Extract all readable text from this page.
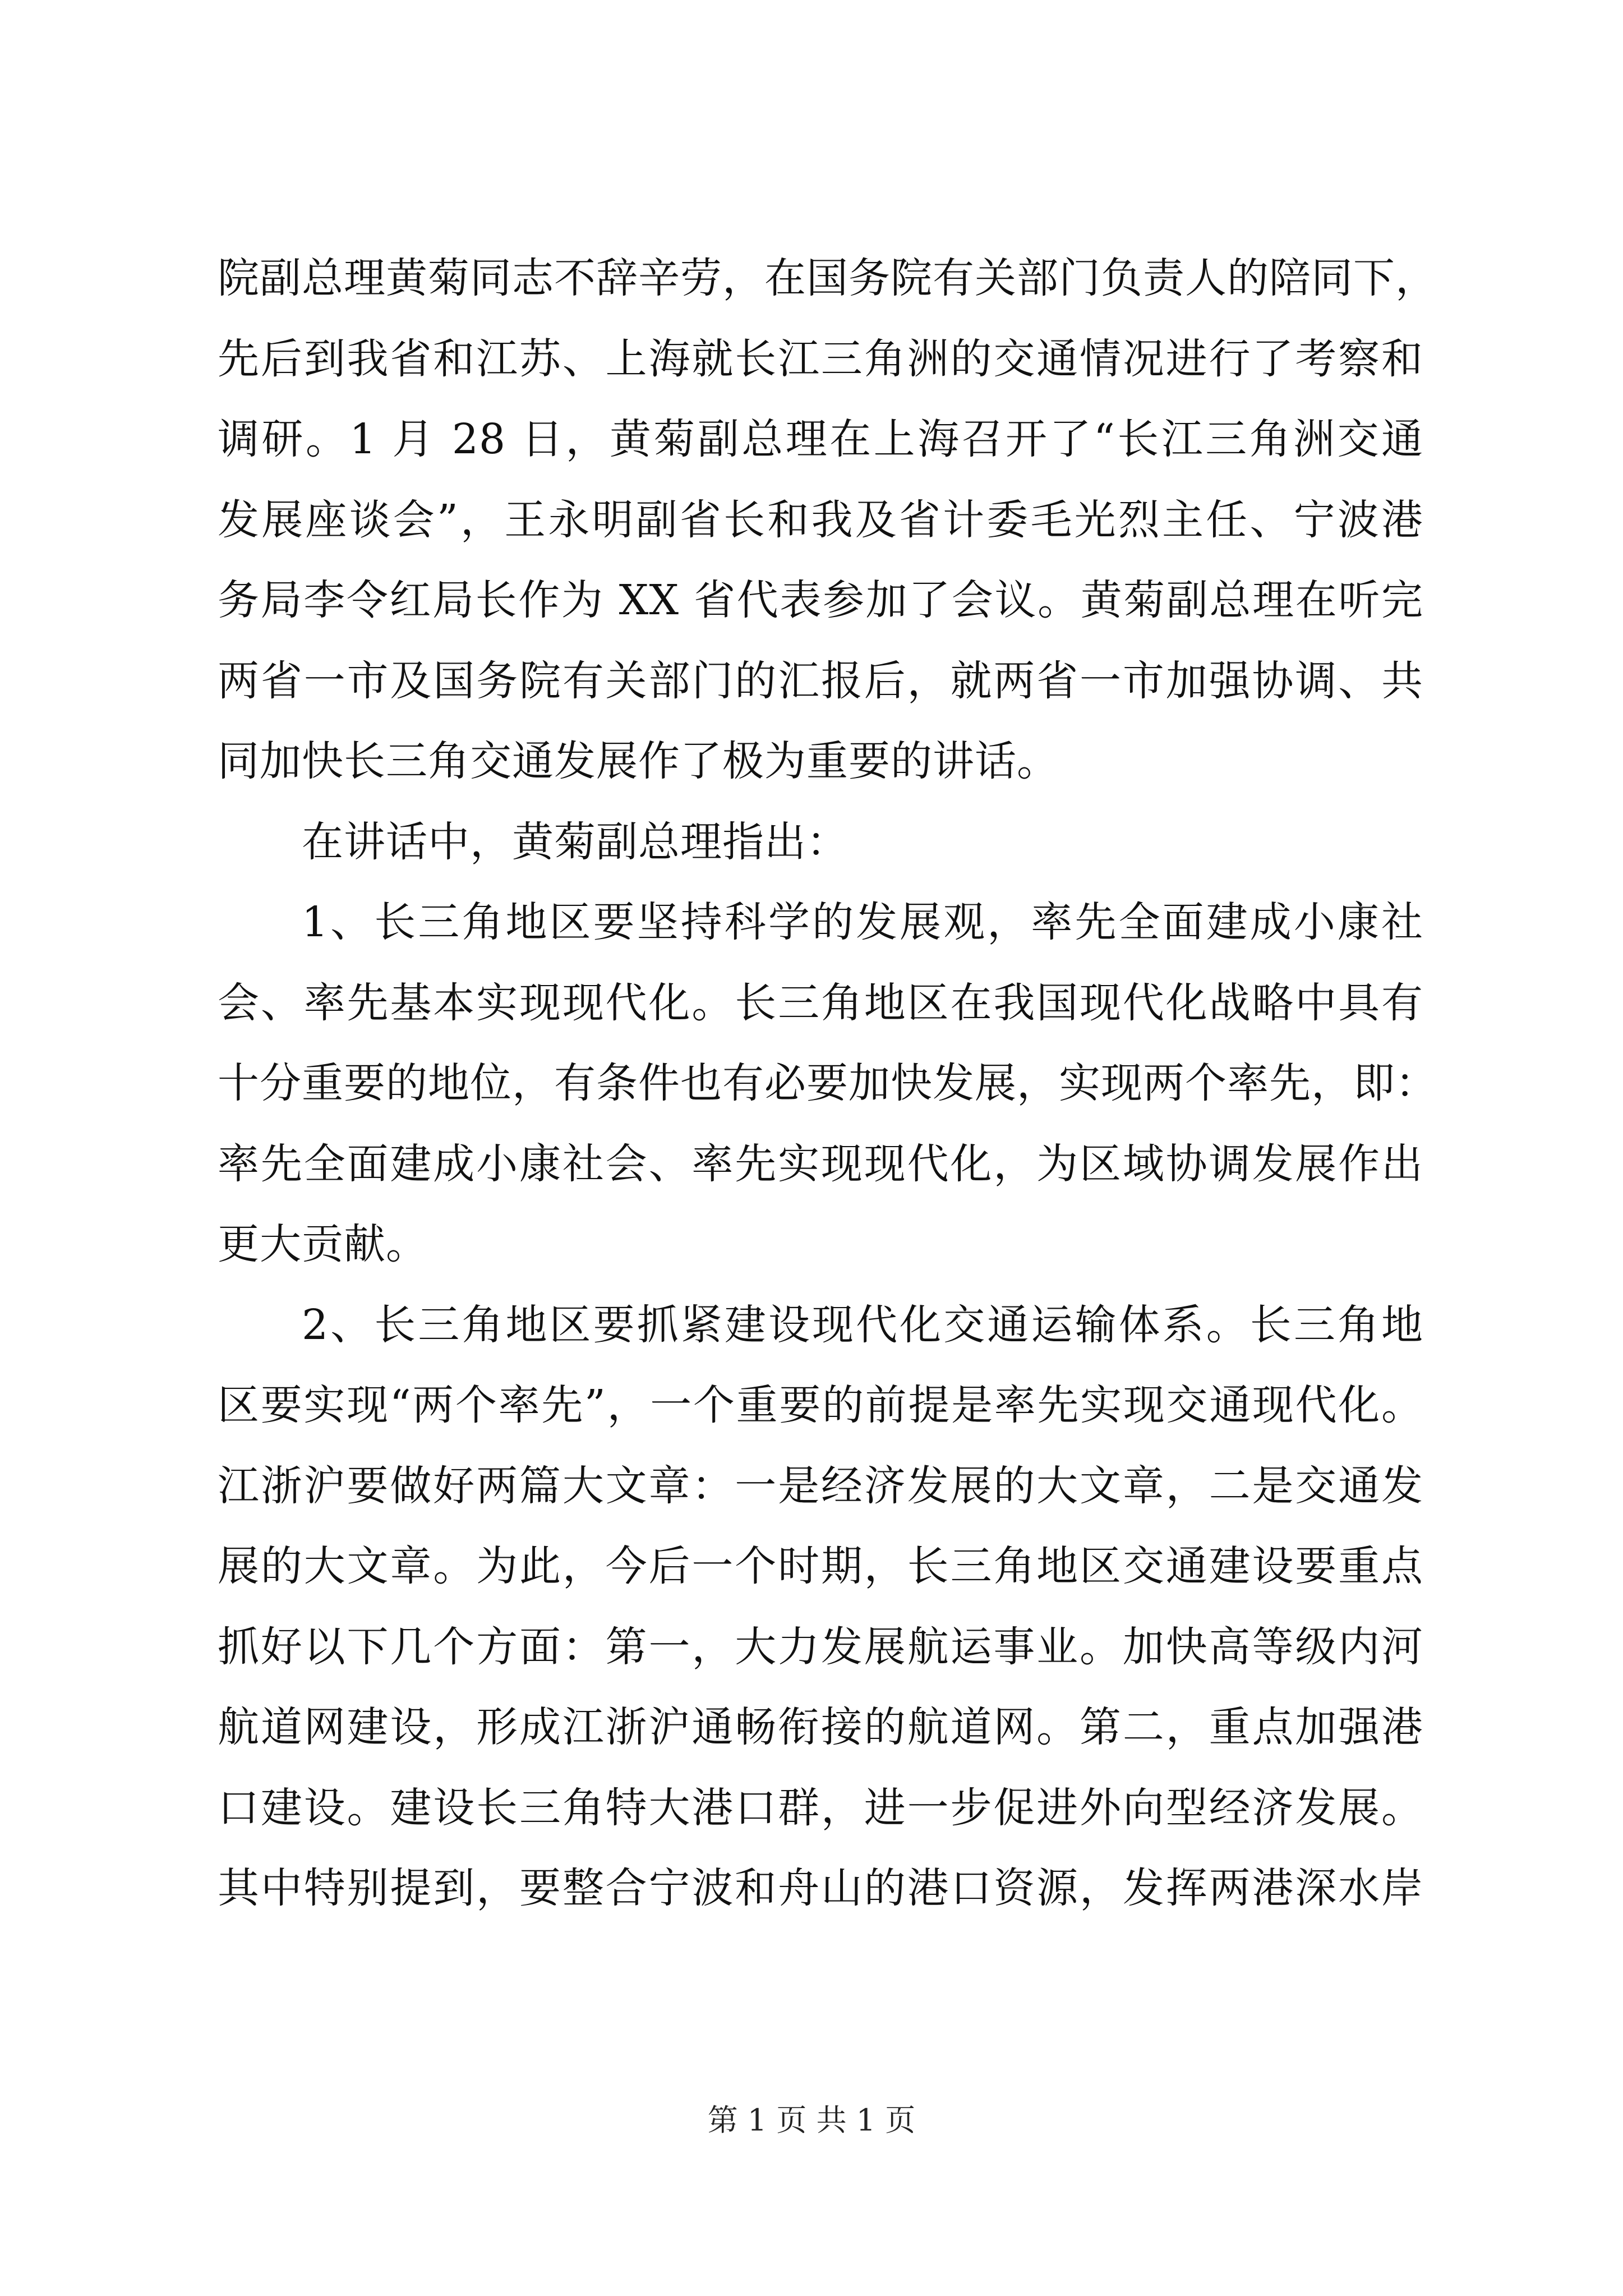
院副总理黄菊同志不辞辛劳，在国务院有关部门负责人的陪同下，
先后到我省和江苏、上海就长江三角洲的交通情况进行了考察和
调研。1 月 28 日，黄菊副总理在上海召开了“长江三角洲交通
发展座谈会”，王永明副省长和我及省计委毛光烈主任、宁波港
务局李令红局长作为 XX 省代表参加了会议。黄菊副总理在听完
两省一市及国务院有关部门的汇报后，就两省一市加强协调、共
同加快长三角交通发展作了极为重要的讲话。
在讲话中，黄菊副总理指出：
1、长三角地区要坚持科学的发展观，率先全面建成小康社
会、率先基本实现现代化。长三角地区在我国现代化战略中具有
十分重要的地位，有条件也有必要加快发展，实现两个率先，即：
率先全面建成小康社会、率先实现现代化，为区域协调发展作出
更大贡献。
2、长三角地区要抓紧建设现代化交通运输体系。长三角地
区要实现“两个率先”，一个重要的前提是率先实现交通现代化。
江浙沪要做好两篇大文章：一是经济发展的大文章，二是交通发
展的大文章。为此，今后一个时期，长三角地区交通建设要重点
抓好以下几个方面：第一，大力发展航运事业。加快高等级内河
航道网建设，形成江浙沪通畅衔接的航道网。第二，重点加强港
口建设。建设长三角特大港口群，进一步促进外向型经济发展。
其中特别提到，要整合宁波和舟山的港口资源，发挥两港深水岸
第 1 页 共 1 页
